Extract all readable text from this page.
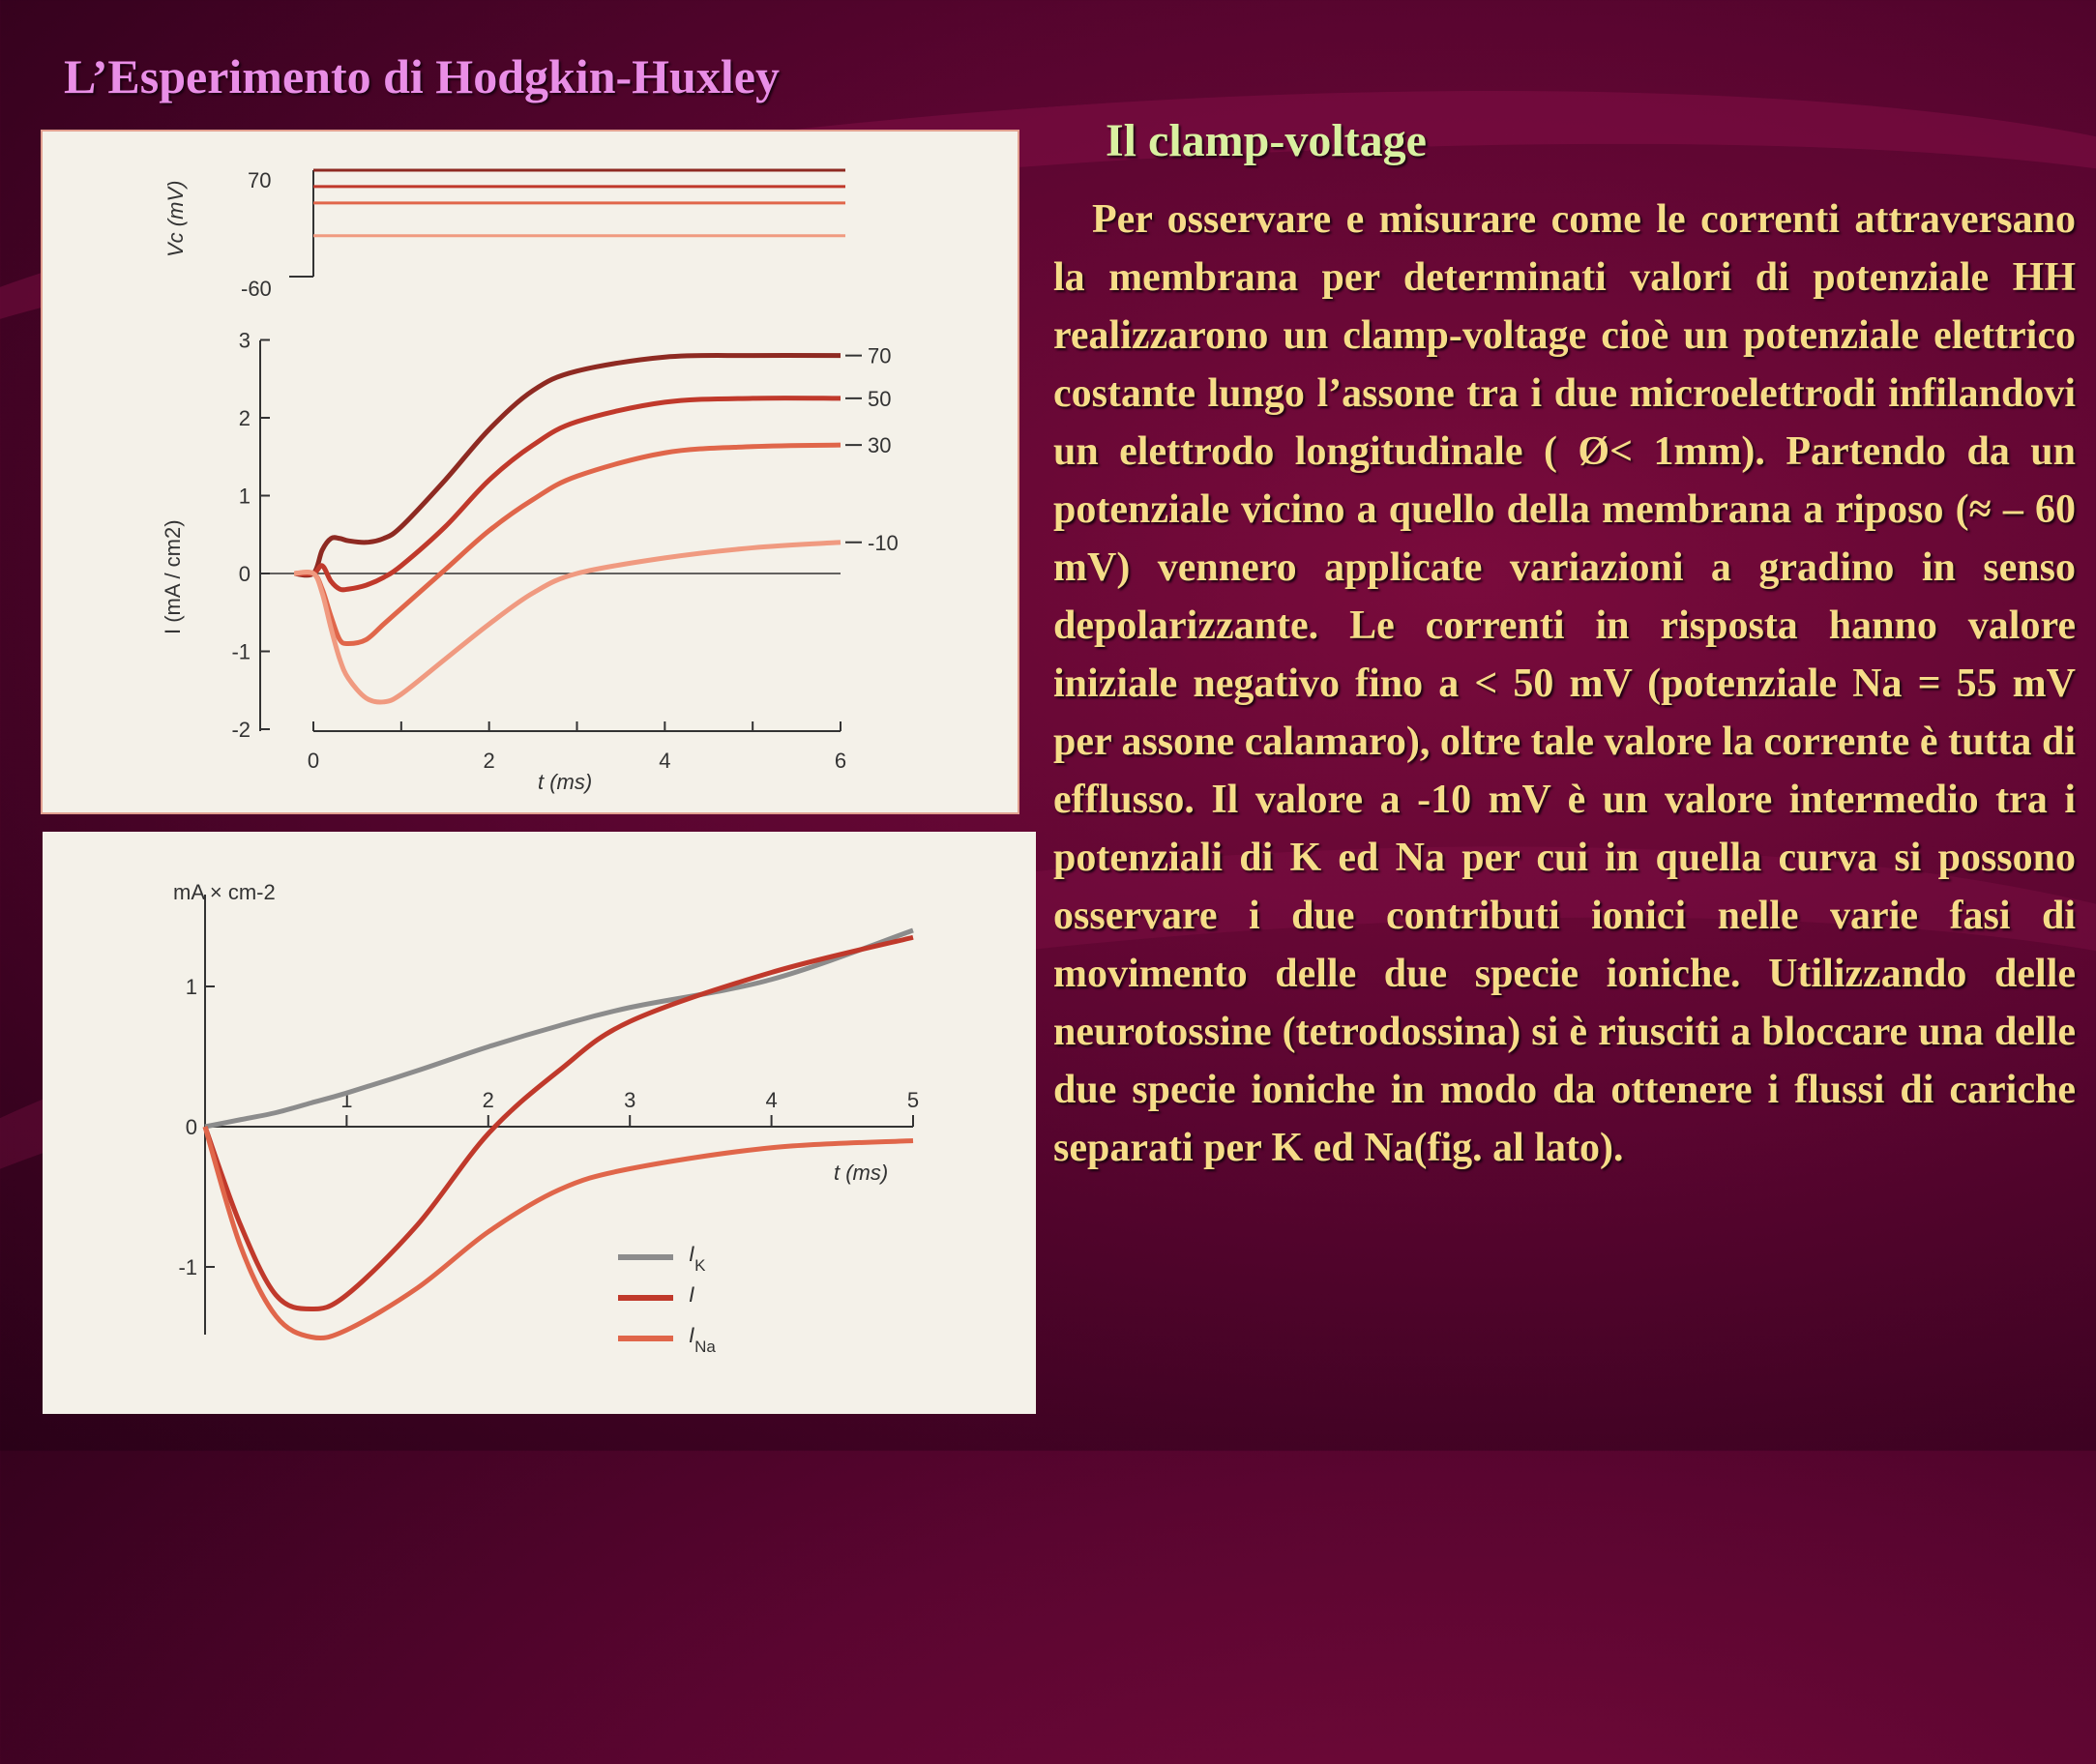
L’Esperimento di Hodgkin-Huxley
Il clamp-voltage
Per osservare e misurare come le correnti attraversano la membrana per determinati valori di potenziale HH realizzarono un clamp-voltage cioè un potenziale elettrico costante lungo l’assone tra i due microelettrodi infilandovi un elettrodo longitudinale ( Ø< 1mm). Partendo da un potenziale vicino a quello della membrana a riposo (≈ – 60 mV) vennero applicate variazioni a gradino in senso depolarizzante. Le correnti in risposta hanno valore iniziale negativo fino a < 50 mV (potenziale Na = 55 mV per assone calamaro), oltre tale valore la corrente è tutta di efflusso. Il valore a -10 mV è un valore intermedio tra i potenziali di K ed Na per cui in quella curva si possono osservare i due contributi ionici nelle varie fasi di movimento delle due specie ioniche. Utilizzando delle neurotossine (tetrodossina) si è riusciti a bloccare una delle due specie ioniche in modo da ottenere i flussi di cariche separati per K ed Na(fig. al lato).
70
-60
Vc (mV)
3
2
1
0
-1
-2
0	2	4	6
I (mA / cm2)
t (ms)
70
50
30
-10
mA × cm-2
t (ms)
1
0
-1
1	2	3	4	5
$I_K$
I
$I_{Na}$
